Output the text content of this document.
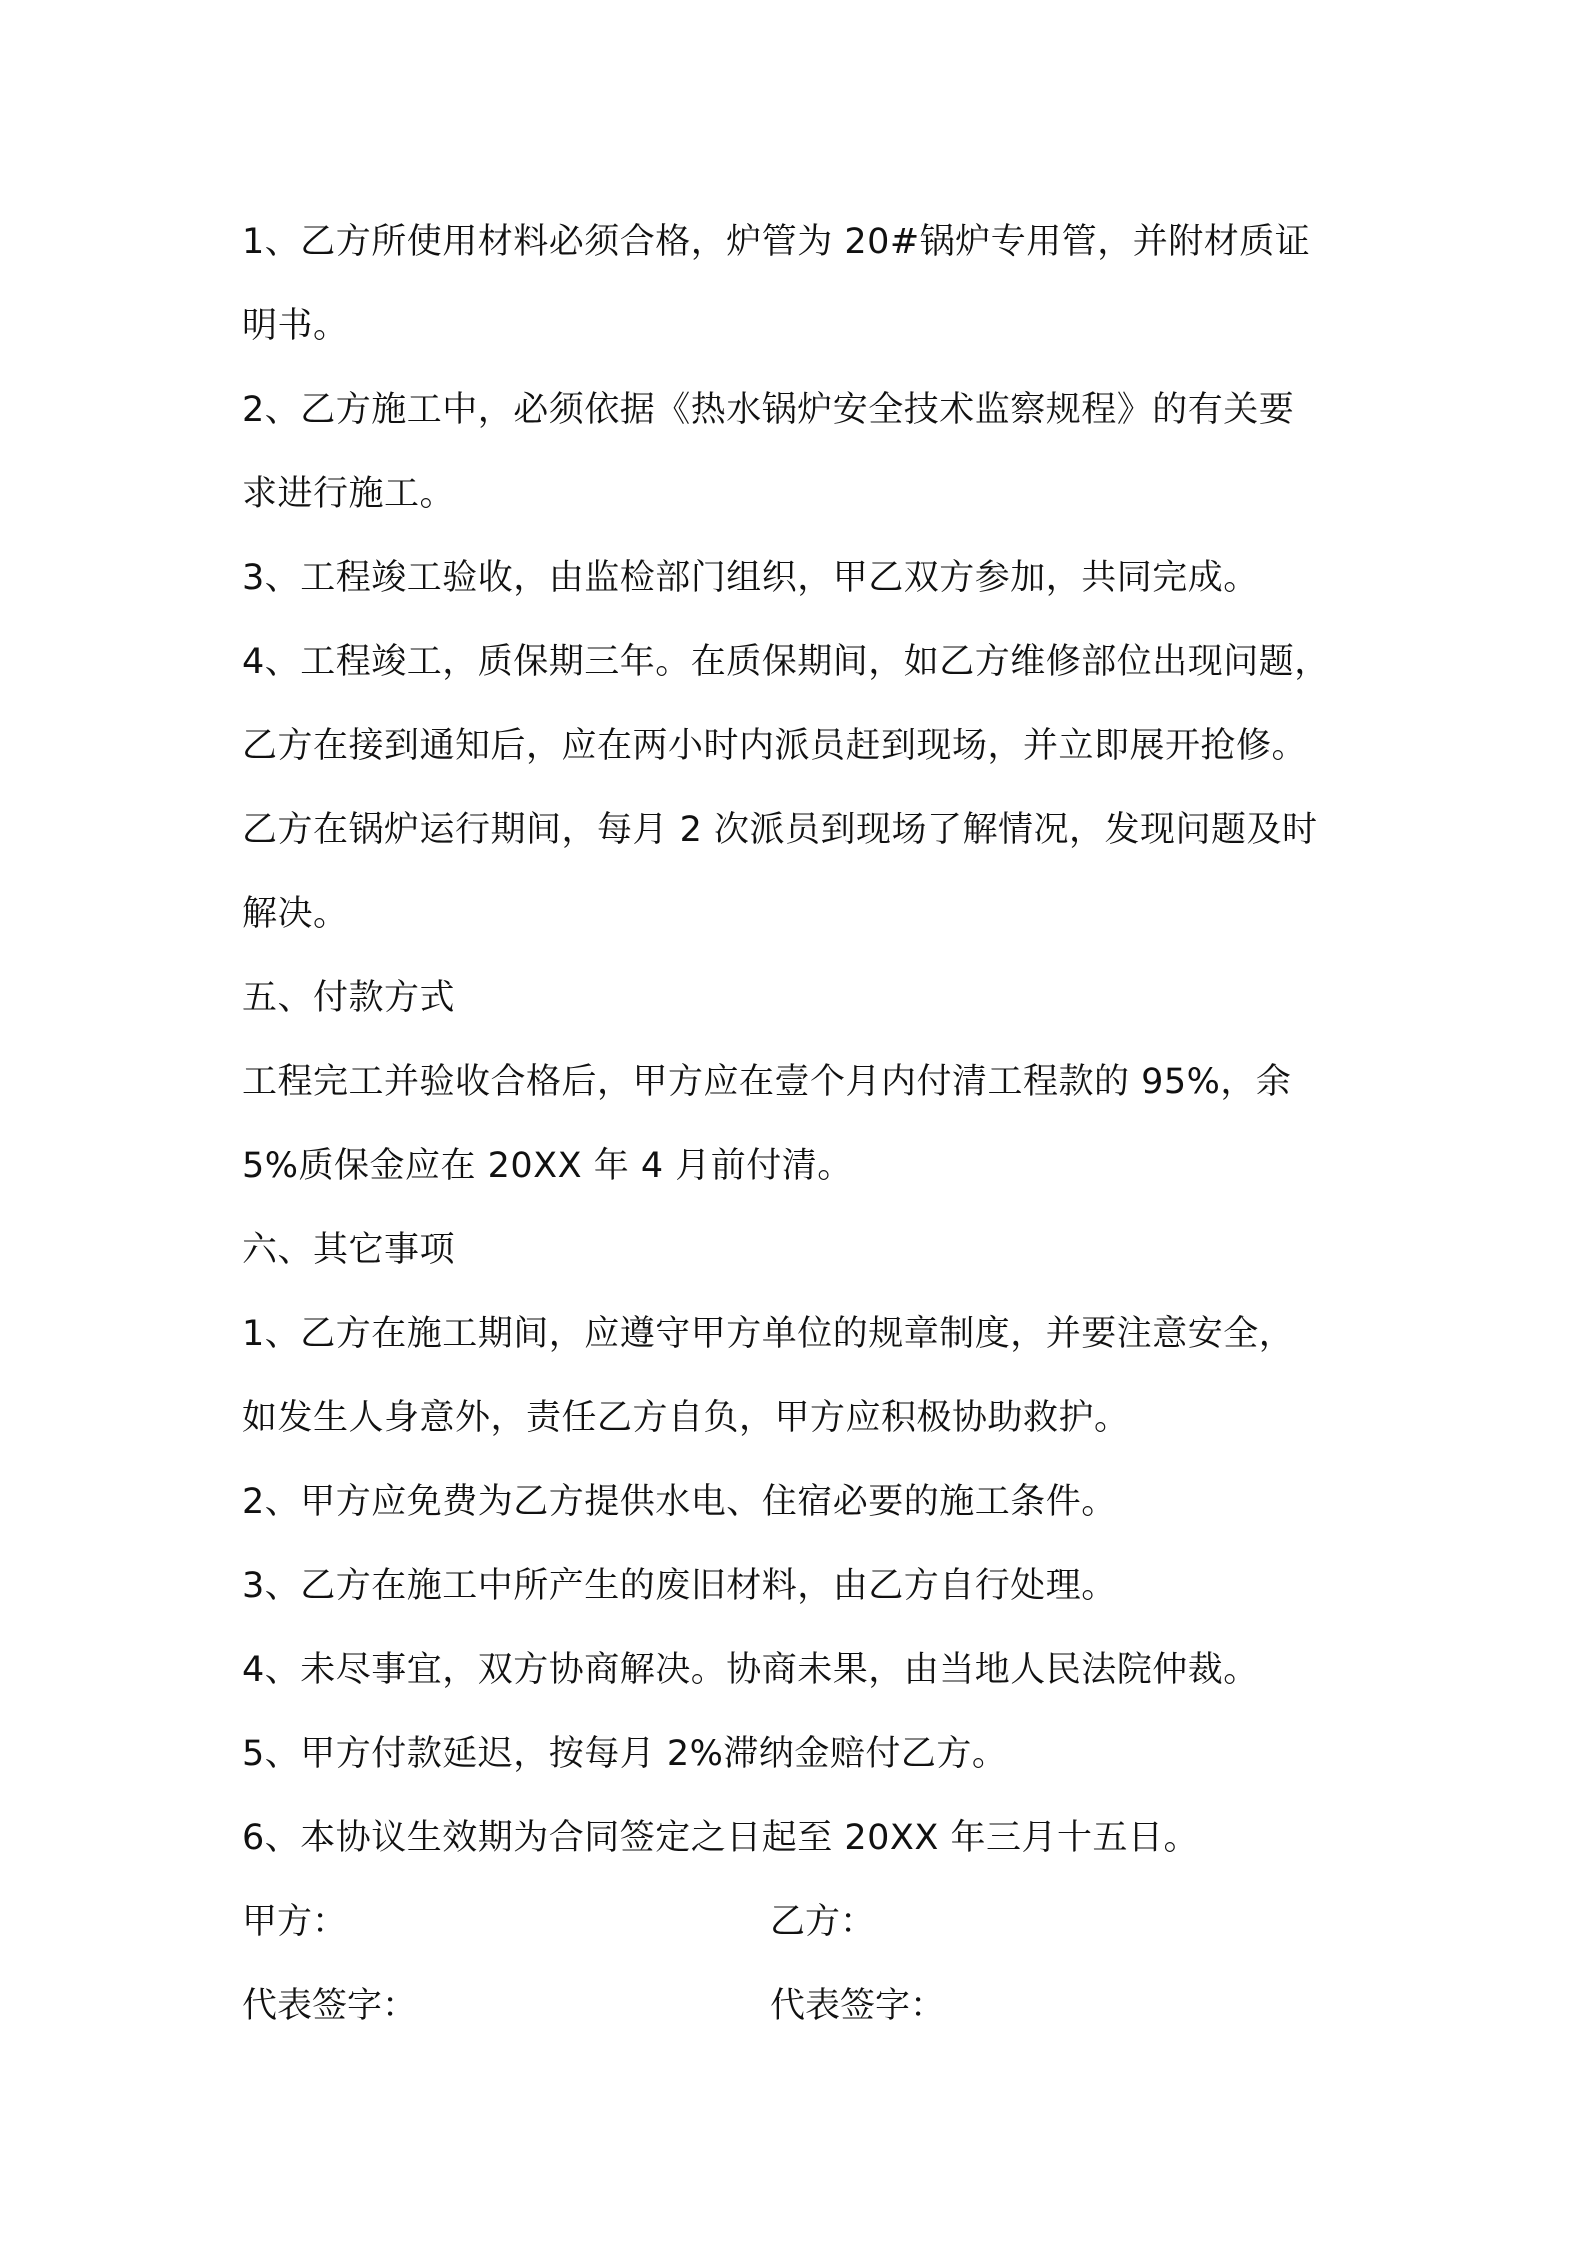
1、乙方所使用材料必须合格，炉管为 20#锅炉专用管，并附材质证
明书。
2、乙方施工中，必须依据《热水锅炉安全技术监察规程》的有关要
求进行施工。
3、工程竣工验收，由监检部门组织，甲乙双方参加，共同完成。
4、工程竣工，质保期三年。在质保期间，如乙方维修部位出现问题，
乙方在接到通知后，应在两小时内派员赶到现场，并立即展开抢修。
乙方在锅炉运行期间，每月 2 次派员到现场了解情况，发现问题及时
解决。
五、付款方式
工程完工并验收合格后，甲方应在壹个月内付清工程款的 95%，余
5%质保金应在 20XX 年 4 月前付清。
六、其它事项
1、乙方在施工期间，应遵守甲方单位的规章制度，并要注意安全，
如发生人身意外，责任乙方自负，甲方应积极协助救护。
2、甲方应免费为乙方提供水电、住宿必要的施工条件。
3、乙方在施工中所产生的废旧材料，由乙方自行处理。
4、未尽事宜，双方协商解决。协商未果，由当地人民法院仲裁。
5、甲方付款延迟，按每月 2%滞纳金赔付乙方。
6、本协议生效期为合同签定之日起至 20XX 年三月十五日。
甲方：	乙方：
代表签字：	代表签字：
